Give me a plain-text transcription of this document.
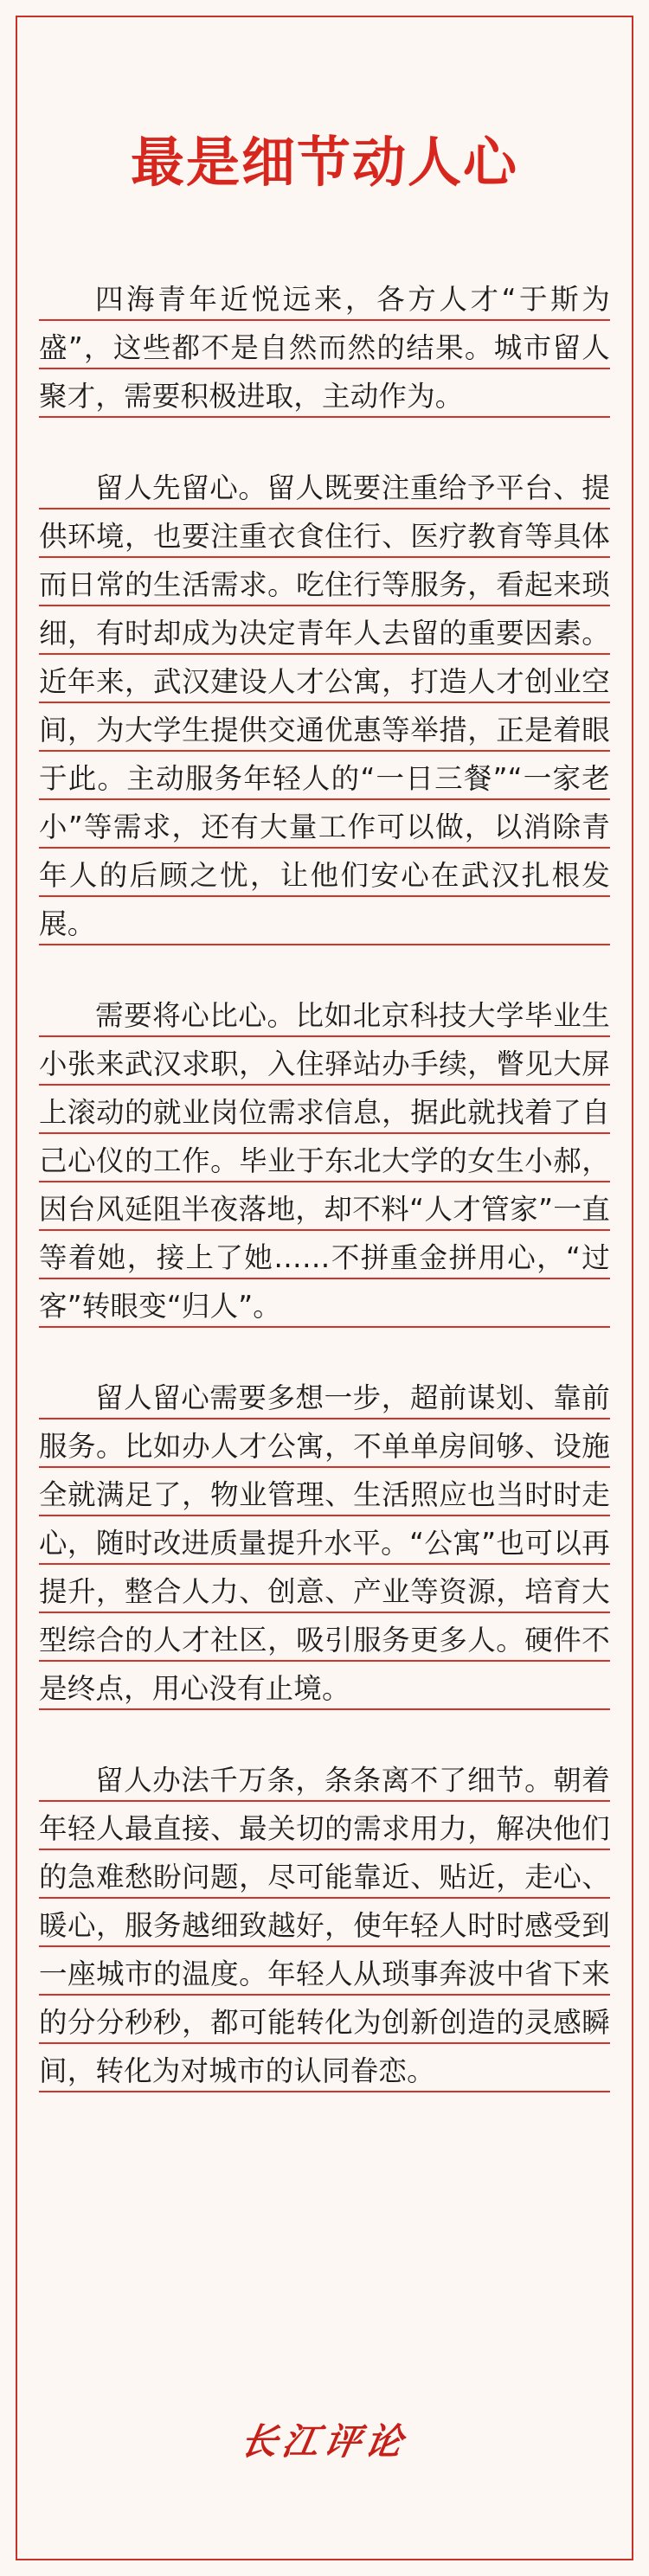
最是细节动人心

四海青年近悦远来，各方人才“于斯为盛”，这些都不是自然而然的结果。城市留人聚才，需要积极进取，主动作为。

留人先留心。留人既要注重给予平台、提供环境，也要注重衣食住行、医疗教育等具体而日常的生活需求。吃住行等服务，看起来琐细，有时却成为决定青年人去留的重要因素。近年来，武汉建设人才公寓，打造人才创业空间，为大学生提供交通优惠等举措，正是着眼于此。主动服务年轻人的“一日三餐”“一家老小”等需求，还有大量工作可以做，以消除青年人的后顾之忧，让他们安心在武汉扎根发展。

需要将心比心。比如北京科技大学毕业生小张来武汉求职，入住驿站办手续，瞥见大屏上滚动的就业岗位需求信息，据此就找着了自己心仪的工作。毕业于东北大学的女生小郝，因台风延阻半夜落地，却不料“人才管家”一直等着她，接上了她……不拼重金拼用心，“过客”转眼变“归人”。

留人留心需要多想一步，超前谋划、靠前服务。比如办人才公寓，不单单房间够、设施全就满足了，物业管理、生活照应也当时时走心，随时改进质量提升水平。“公寓”也可以再提升，整合人力、创意、产业等资源，培育大型综合的人才社区，吸引服务更多人。硬件不是终点，用心没有止境。

留人办法千万条，条条离不了细节。朝着年轻人最直接、最关切的需求用力，解决他们的急难愁盼问题，尽可能靠近、贴近，走心、暖心，服务越细致越好，使年轻人时时感受到一座城市的温度。年轻人从琐事奔波中省下来的分分秒秒，都可能转化为创新创造的灵感瞬间，转化为对城市的认同眷恋。

长江评论
